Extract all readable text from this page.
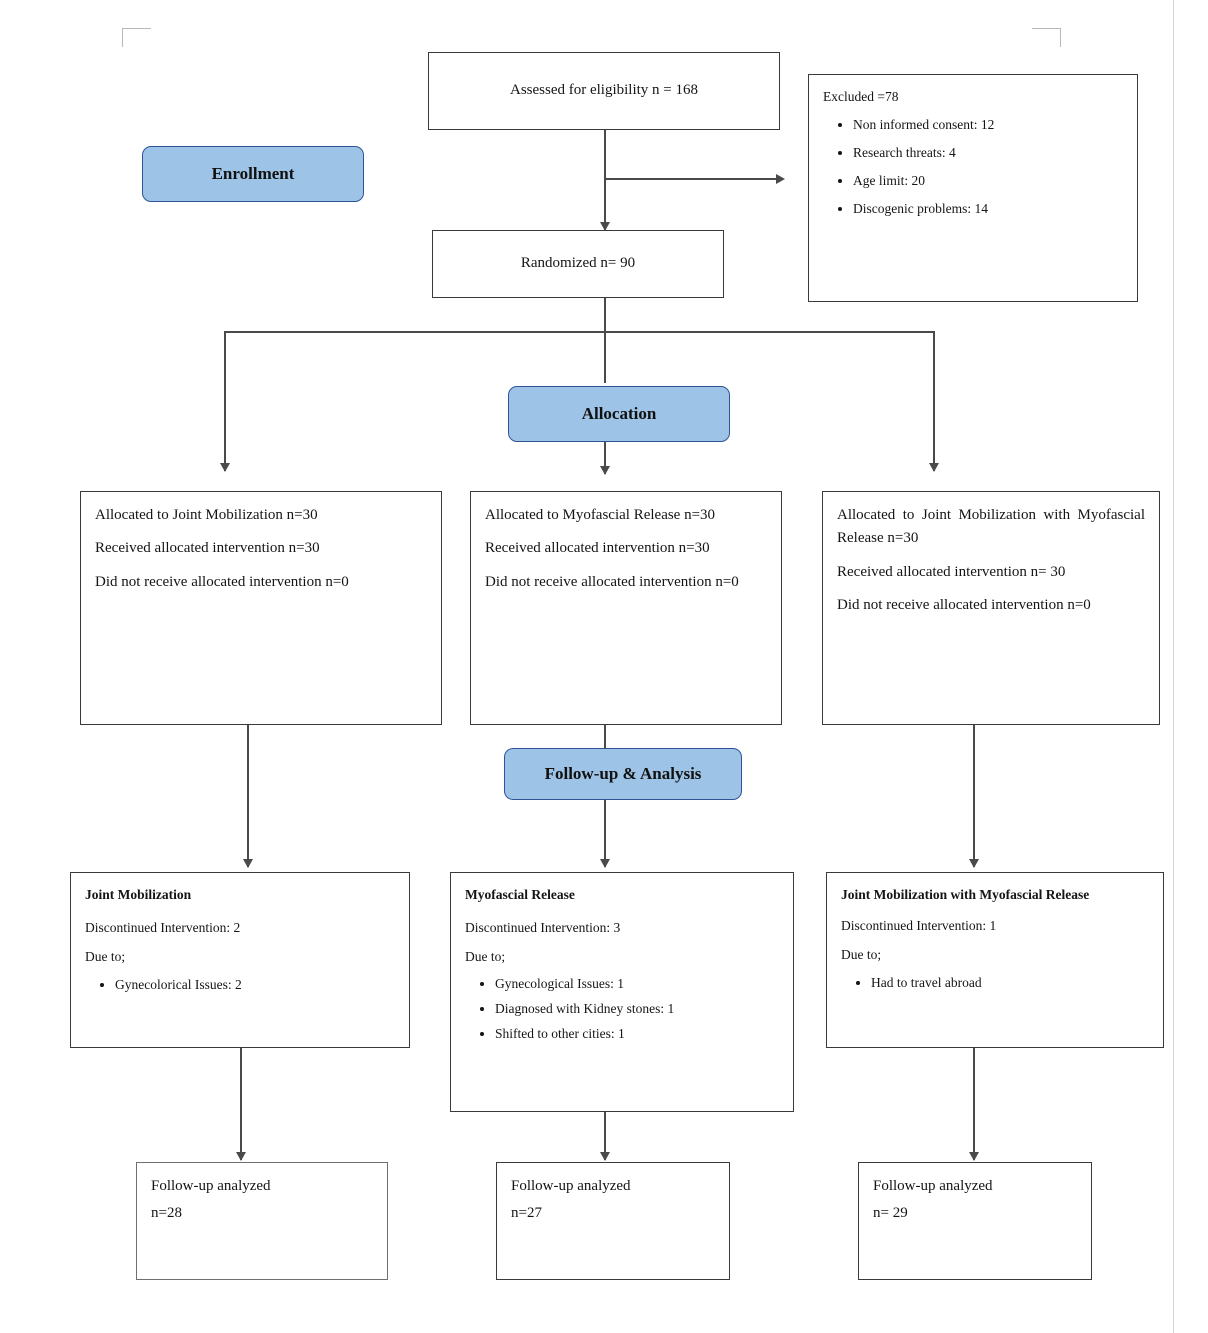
Assessed for eligibility n = 168	Excluded =78
• Non informed consent: 12
• Research threats: 4
• Age limit: 20
• Discogenic problems: 14
Enrollment
Randomized n= 90
Allocation

Allocated to Joint Mobilization n=30

Received allocated intervention n=30

Did not receive allocated intervention n=0

Allocated to Myofascial Release n=30

Received allocated intervention n=30

Did not receive allocated intervention n=0

Allocated to Joint Mobilization with Myofascial Release n=30

Received allocated intervention n= 30

Did not receive allocated intervention n=0

Follow-up & Analysis
Joint Mobilization
Discontinued Intervention: 2
Due to;
• Gynecolorical Issues: 2
Myofascial Release
Discontinued Intervention: 3
Due to;
• Gynecological Issues: 1
• Diagnosed with Kidney stones: 1
• Shifted to other cities: 1
Joint Mobilization with Myofascial Release
Discontinued Intervention: 1
Due to;
• Had to travel abroad
Follow-up analyzed
n=28
Follow-up analyzed
n=27
Follow-up analyzed
n= 29
